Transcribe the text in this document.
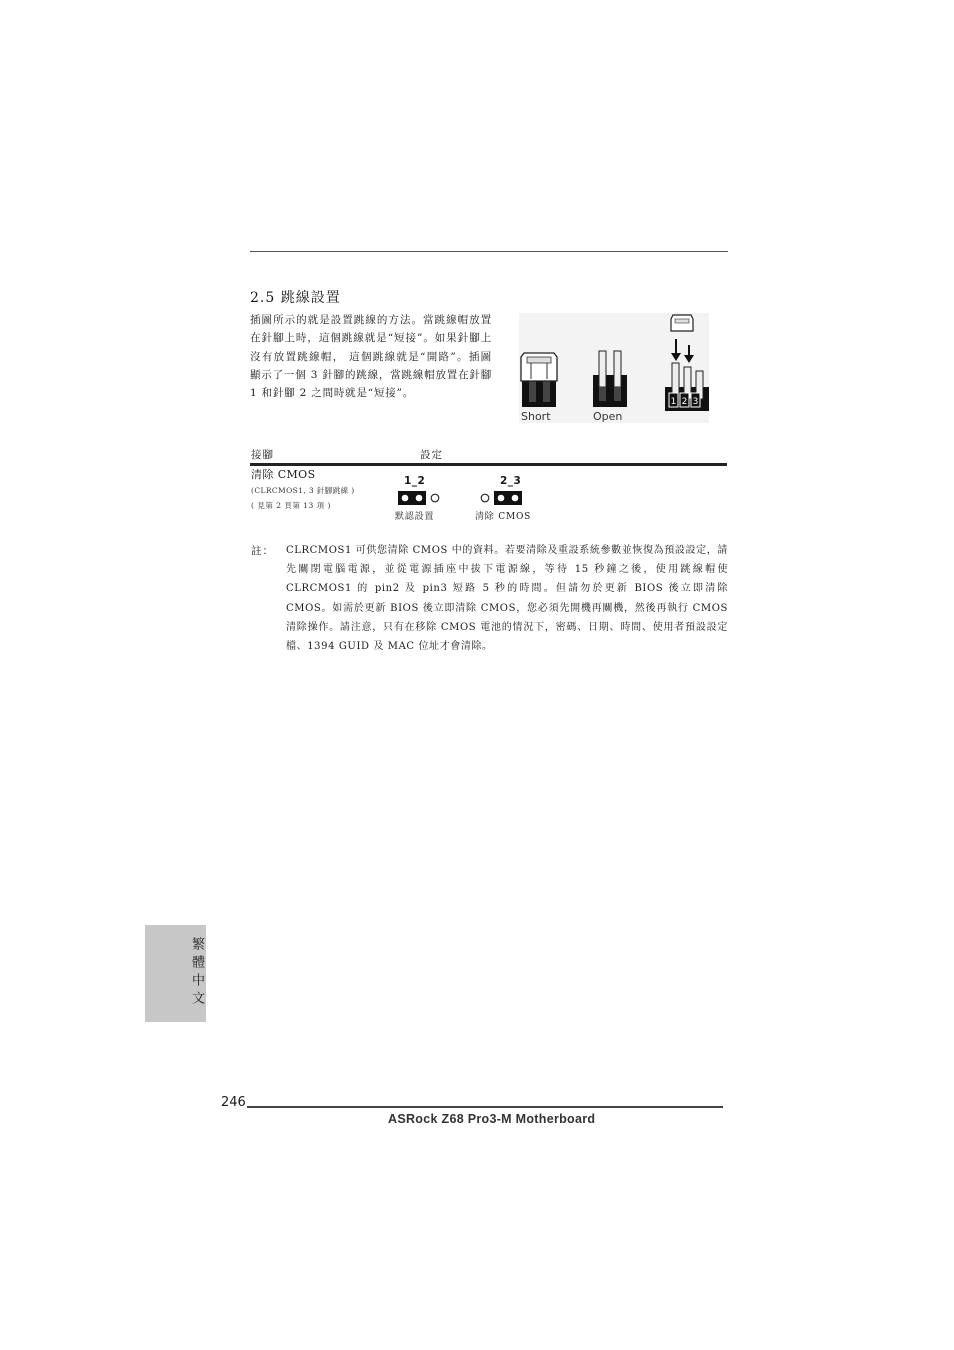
2.5 跳線設置
插圖所示的就是設置跳線的方法。當跳線帽放置在針腳上時，這個跳線就是“短接”。如果針腳上沒有放置跳線帽， 這個跳線就是“開路”。插圖顯示了一個 3 針腳的跳線，當跳線帽放置在針腳 1 和針腳 2 之間時就是“短接”。
1 2 3
Short	Open
接腳	設定
清除 CMOS
(CLRCMOS1, 3 針腳跳線 )
( 見第 2 頁第 13 項 )
1_2
默認設置
2_3
清除 CMOS
註： CLRCMOS1 可供您清除 CMOS 中的資料。若要清除及重設系統參數並恢復為預設設定，請先關閉電腦電源，並從電源插座中拔下電源線，等待 15 秒鐘之後，使用跳線帽使 CLRCMOS1 的 pin2 及 pin3 短路 5 秒的時間。但請勿於更新 BIOS 後立即清除 CMOS。如需於更新 BIOS 後立即清除 CMOS，您必須先開機再關機，然後再執行 CMOS 清除操作。請注意，只有在移除 CMOS 電池的情況下，密碼、日期、時間、使用者預設設定檔、1394 GUID 及 MAC 位址才會清除。
繁體中文
246
ASRock Z68 Pro3-M Motherboard
